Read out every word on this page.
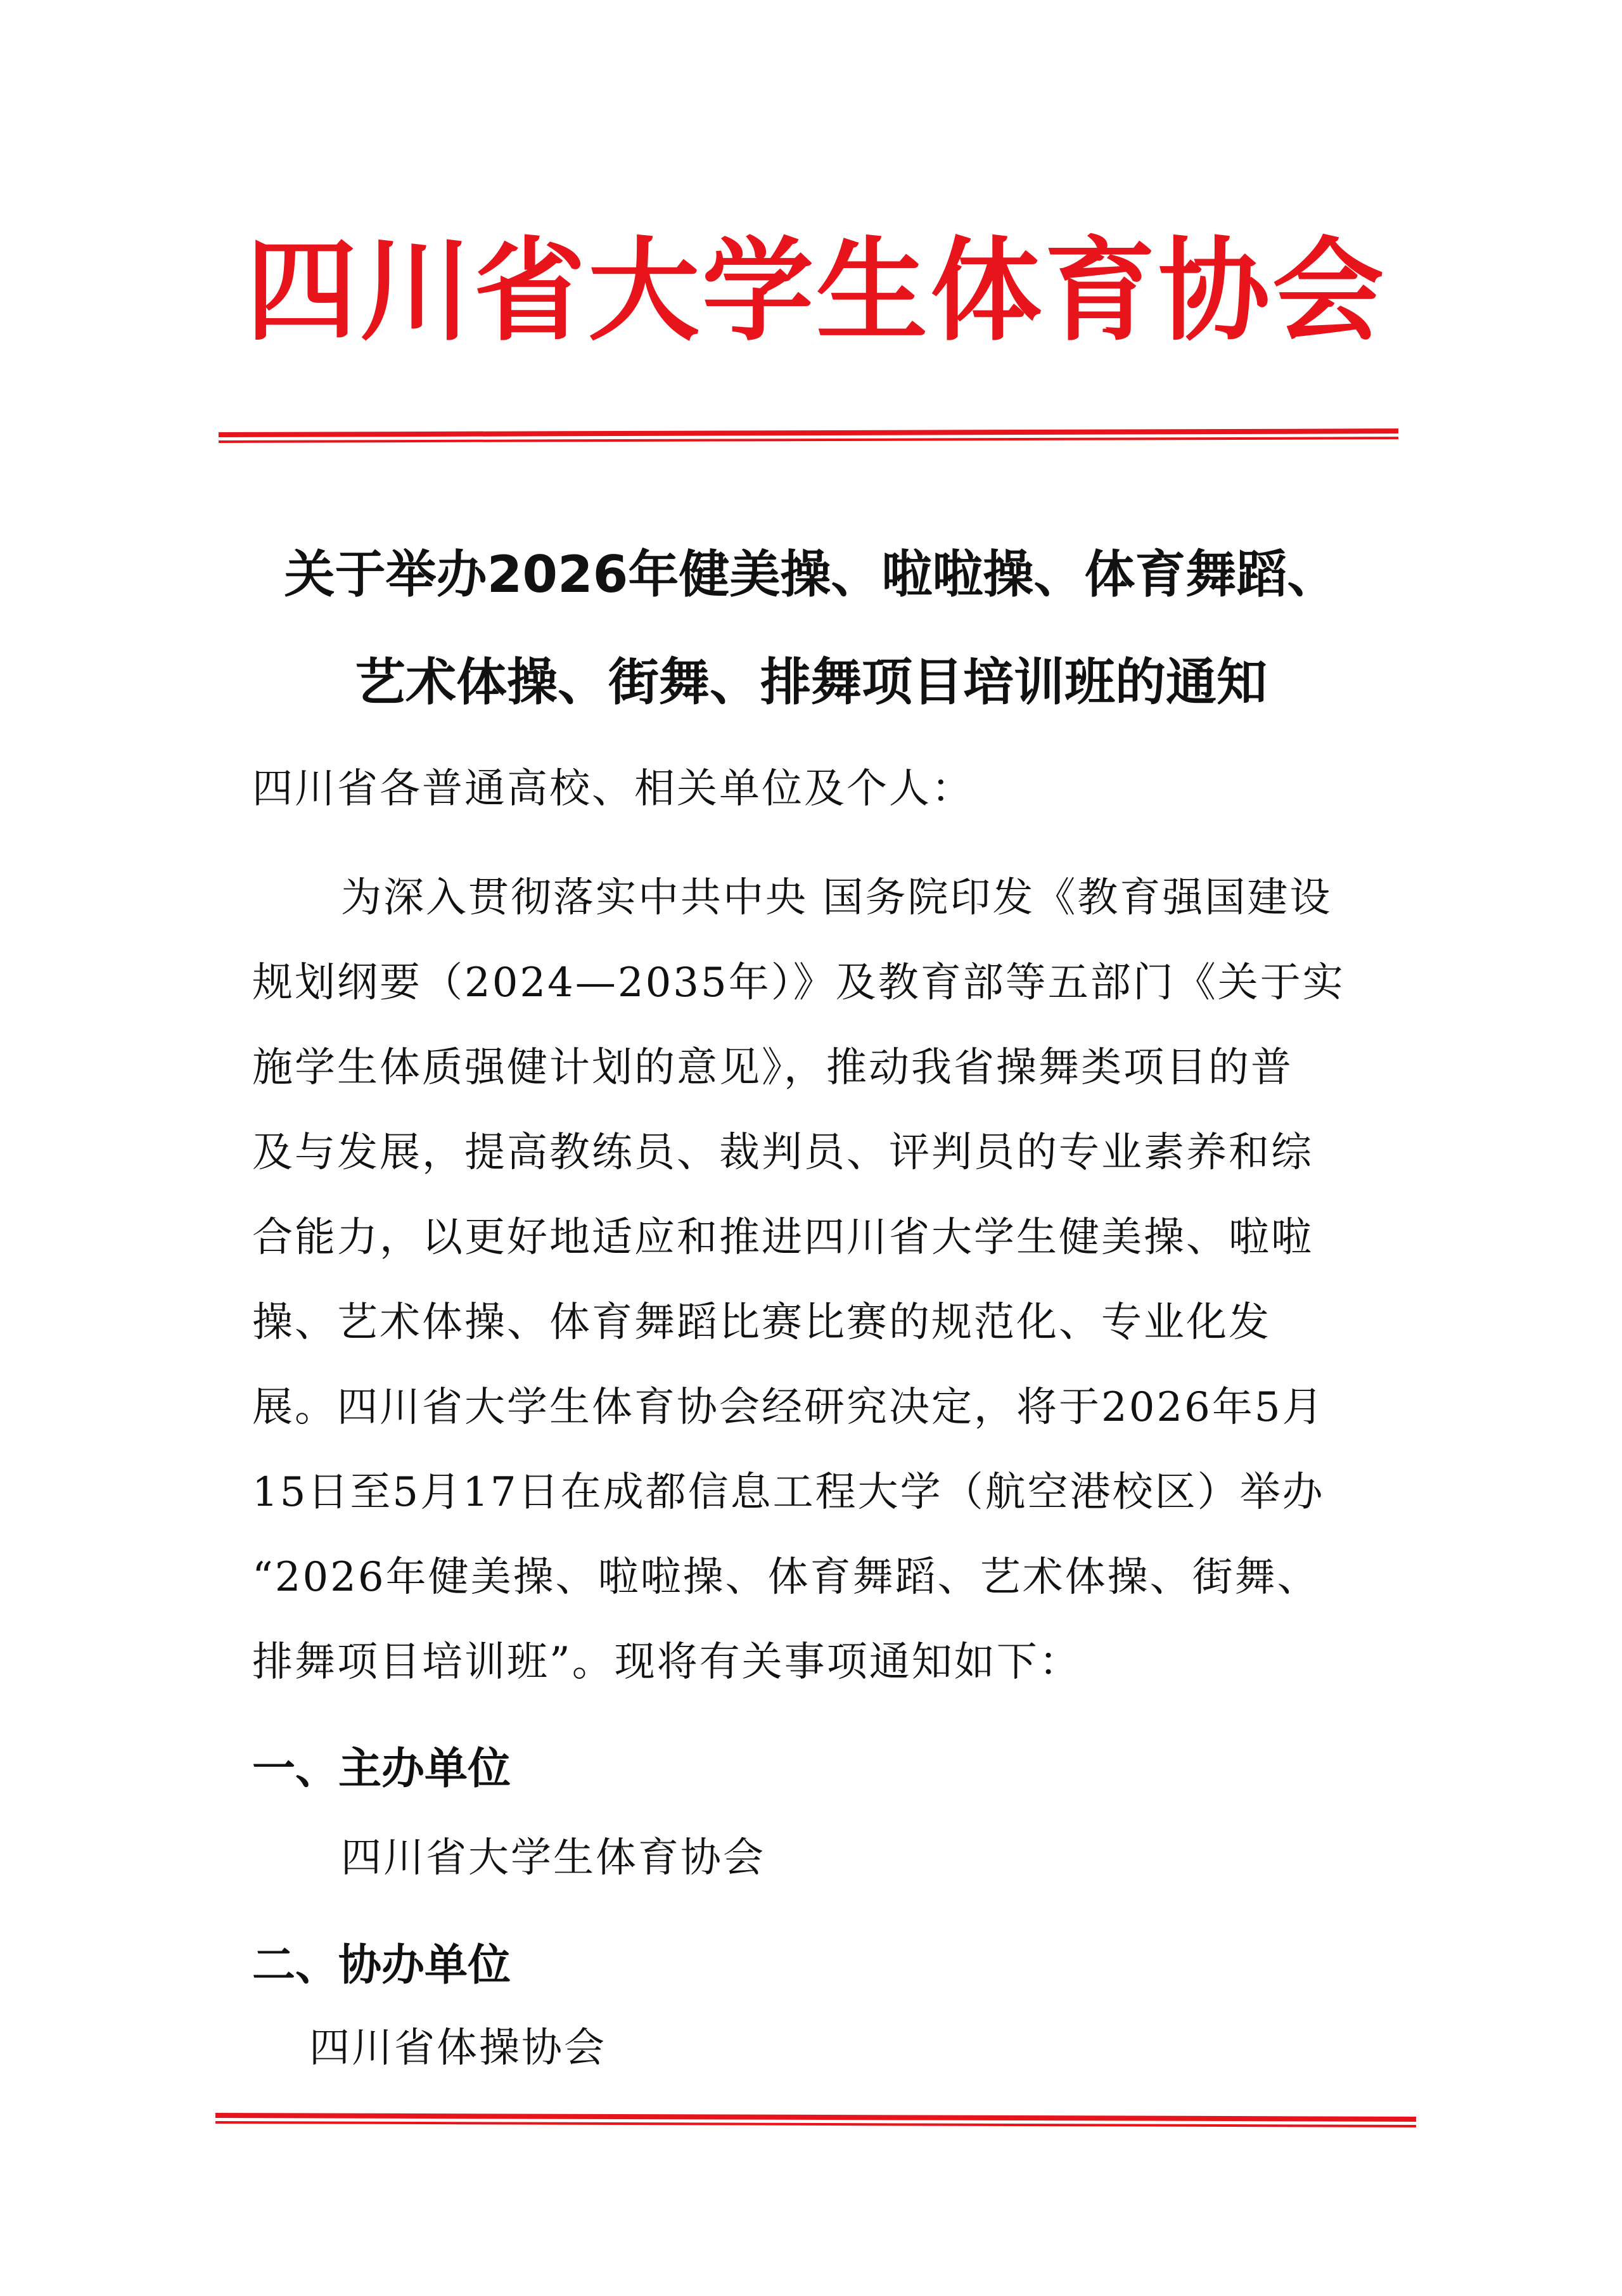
四川省大学生体育协会
关于举办2026年健美操、啦啦操、体育舞蹈、
艺术体操、街舞、排舞项目培训班的通知
四川省各普通高校、相关单位及个人：
为深入贯彻落实中共中央 国务院印发《教育强国建设
规划纲要（2024—2035年）》及教育部等五部门《关于实
施学生体质强健计划的意见》，推动我省操舞类项目的普
及与发展，提高教练员、裁判员、评判员的专业素养和综
合能力，以更好地适应和推进四川省大学生健美操、啦啦
操、艺术体操、体育舞蹈比赛比赛的规范化、专业化发
展。四川省大学生体育协会经研究决定，将于2026年5月
15日至5月17日在成都信息工程大学（航空港校区）举办
“2026年健美操、啦啦操、体育舞蹈、艺术体操、街舞、
排舞项目培训班”。现将有关事项通知如下：
一、主办单位
四川省大学生体育协会
二、协办单位
四川省体操协会
